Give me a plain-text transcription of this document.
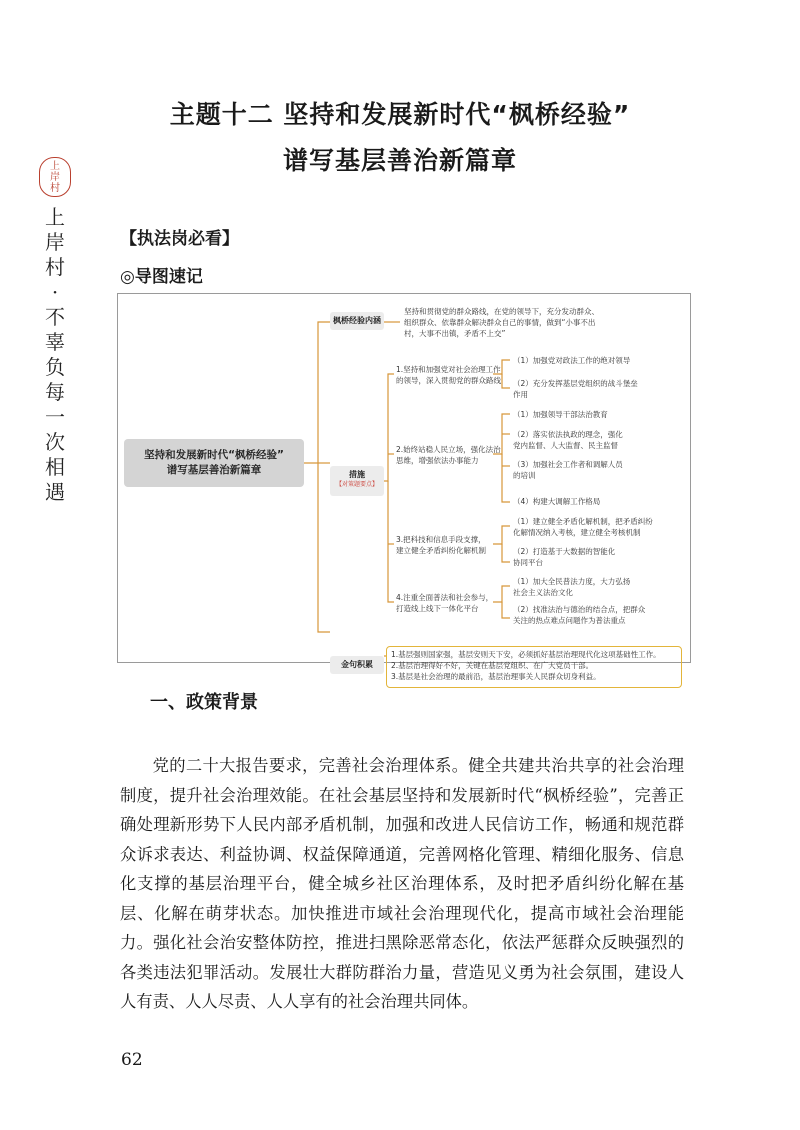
主题十二 坚持和发展新时代“枫桥经验”
谱写基层善治新篇章
上
岸
村
上
岸
村
·
不
辜
负
每
一
次
相
遇
【执法岗必看】
◎导图速记
坚持和发展新时代“枫桥经验”
谱写基层善治新篇章
枫桥经验内涵
坚持和贯彻党的群众路线，在党的领导下，充分发动群众、
组织群众、依靠群众解决群众自己的事情，做到“小事不出
村，大事不出镇，矛盾不上交”
措施
【对策题要点】
1.坚持和加强党对社会治理工作
的领导，深入贯彻党的群众路线
（1）加强党对政法工作的绝对领导
（2）充分发挥基层党组织的战斗堡垒
作用
2.始终站稳人民立场，强化法治
思维，增强依法办事能力
（1）加强领导干部法治教育
（2）落实依法执政的理念，强化
党内监督、人大监督、民主监督
（3）加强社会工作者和调解人员
的培训
（4）构建大调解工作格局
3.把科技和信息手段支撑，
建立健全矛盾纠纷化解机制
（1）建立健全矛盾化解机制，把矛盾纠纷
化解情况纳入考核，建立健全考核机制
（2）打造基于大数据的智能化
协同平台
4.注重全面普法和社会参与，
打造线上线下一体化平台
（1）加大全民普法力度，大力弘扬
社会主义法治文化
（2）找准法治与德治的结合点，把群众
关注的热点难点问题作为普法重点
金句积累
1.基层强则国家强，基层安则天下安，必须抓好基层治理现代化这项基础性工作。
2.基层治理得好不好，关键在基层党组织、在广大党员干部。
3.基层是社会治理的最前沿，基层治理事关人民群众切身利益。
一、政策背景
党的二十大报告要求，完善社会治理体系。健全共建共治共享的社会治理制度，提升社会治理效能。在社会基层坚持和发展新时代“枫桥经验”，完善正确处理新形势下人民内部矛盾机制，加强和改进人民信访工作，畅通和规范群众诉求表达、利益协调、权益保障通道，完善网格化管理、精细化服务、信息化支撑的基层治理平台，健全城乡社区治理体系，及时把矛盾纠纷化解在基层、化解在萌芽状态。加快推进市域社会治理现代化，提高市域社会治理能力。强化社会治安整体防控，推进扫黑除恶常态化，依法严惩群众反映强烈的各类违法犯罪活动。发展壮大群防群治力量，营造见义勇为社会氛围，建设人人有责、人人尽责、人人享有的社会治理共同体。
62
